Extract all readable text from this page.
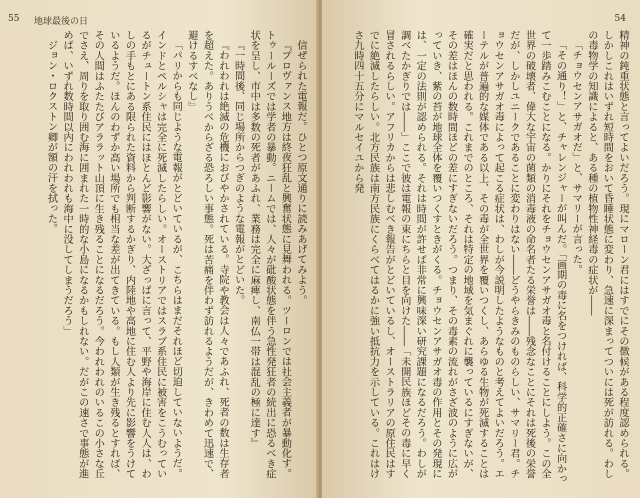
55 地球最後の日

信ぜられた電報だ。ひとつ原文通りに読みあげてみよう。

『プロヴァンス地方は終夜狂乱と興奮状態に見舞われる。ツーロンでは社会主義者が暴動化す。トゥールーズでは学者の暴動。ニームでは、人々が砒酸状態を伴う急性発狂者の続出に恐るべき症状を呈し、市中は多数の死者があふれ、業務は完全に麻痺し、南仏一帯は混乱の極に達す』

『一時間後、同じ場所からつぎのような電報がとどいた。

『われわれは絶滅の危機におびやかされている。寺院や教会は人々であふれ、死者の数は生存者を超えた。ありうべからざる恐ろしい事態。死は苦痛を伴わず訪れるようだが、きわめて迅速で、避けるすべなし』

「パリからも同じような電報がとどいているが、こちらはまだそれほど切迫していないようだ。インドとペルシャは完全に死滅したらしい。オーストリアではスラブ系住民に被害をこうむっているがチュートン系住民にはほとんど影響がない。大ざっぱに言って、平野や海岸に住む人人は、わしの手もとにある限られた資料から判断するかぎり、内陸地や高地に住む人より先に影響をうけているようだ。ほんのわずか高い場所でも相当な差が出てきている。もし人類が生き残るとすれば、その人間はふたたびアララット山頂に生き残ることになるだろう。今われわれのいるこの小さな丘でさえ、周りを取り囲む海に囲まれた一時的な小島になるかもしれない。だがこの速さで事態が進めば、いずれ数時間以内にわれわれも海中に没してしまうだろう」

ジョン・ロクストン卿が額の汗を拭った。

54

精神の鈍重状態と言ってよいだろう。現にマローン君にはすでにその徴候がある程度認められる。しかしこれはいずれ短時間をおいて昏睡状態に変わり、急速に深まってついには死が訪れる。わしの毒物学の知識によると、ある種の植物性神経毒の症状が――

「チョウセンアサガオだ」と、サマリーが言った。

「その通り！」と、チャレンジャーが叫んだ。「画期の毒に名をつければ、科学的正確さに向かって一歩踏みこむことになる。かりにそれをチョウセンアサガオ毒と名付けることにしよう。この全世界の破壊者、偉大な宇宙の菌類の消毒液の命名者たる栄誉は――残念なことにそれは死後の栄誉だが、しかしユニークであることに変わりはない――どうやらきみのものらしい、サマリー君。チョウセンアサガオ毒によって起こる症状は、わしが今説明したようなものと考えてよいだろう。エーテルが普遍的な媒体である以上、その毒が全世界を覆いつくし、あらゆる生物が死滅することは確実だと思われる。これまでのところ、それは特定の地域を気まぐれに襲っているにすぎないが、その差はほんの数時間ほどの差にすぎないだろう。つまり、その毒素の流れがさざ波のように広がっていき、紫の苔が地球全体を覆いつくすときがくる。チョウセンアサガオ毒の作用とその発現には、一定の法則が認められる。それは時間が許せば非常に興味深い研究課題になるだろう。わしが調べたかぎりでは――」ここで彼は電報の束にちらと目を向けた――「未開民族ほどその毒に早く冒されるらしい。アフリカからは悲しむべき報告がとどいているし、オーストラリアの原住民はすでに絶滅したらしい。北方民族は南方民族にくらべてはるかに強い抵抗力を示している。これはけさ九時四十五分にマルセイユから発
